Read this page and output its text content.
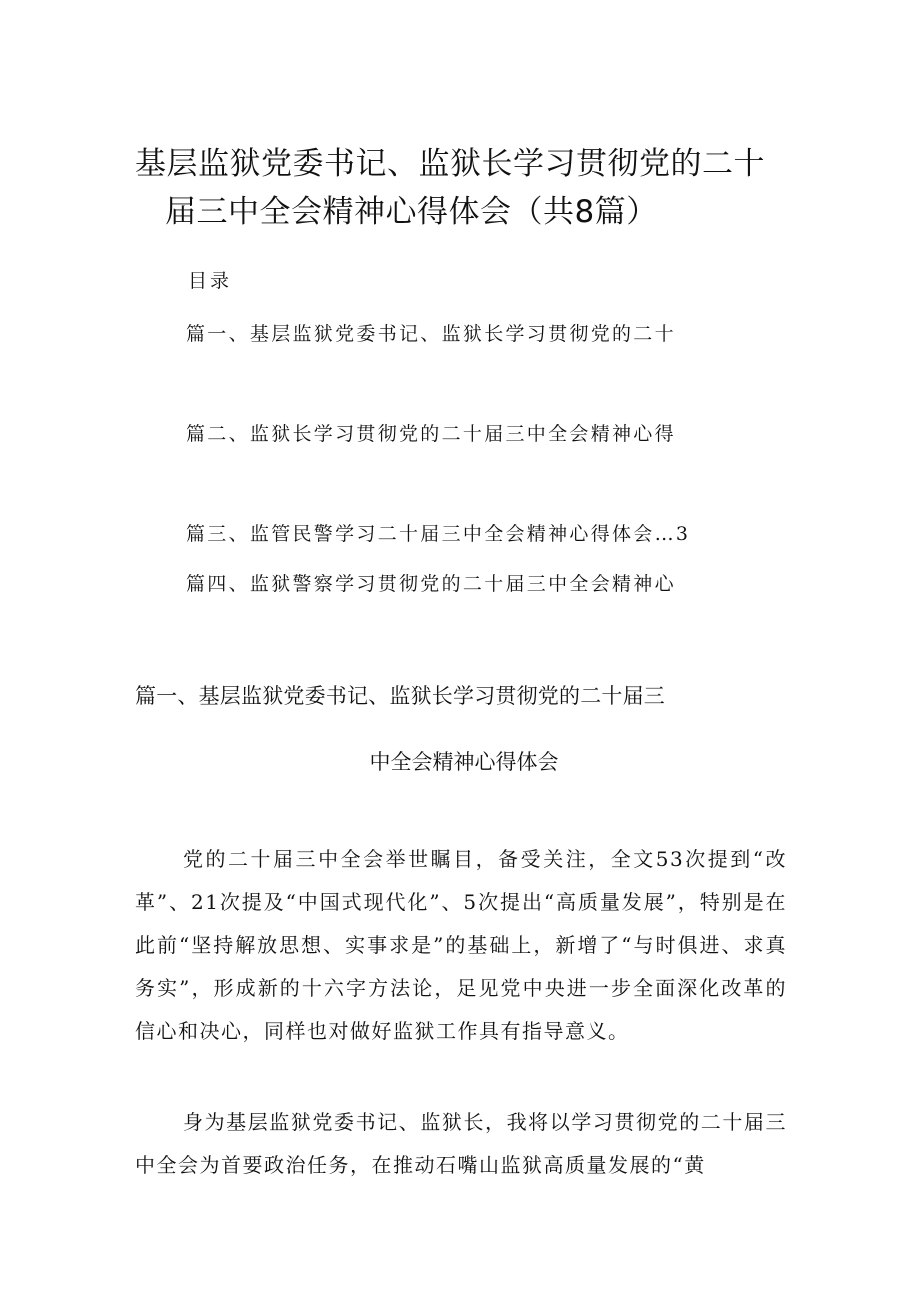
基层监狱党委书记、监狱长学习贯彻党的二十
届三中全会精神心得体会（共8篇）
目录
篇一、基层监狱党委书记、监狱长学习贯彻党的二十
篇二、监狱长学习贯彻党的二十届三中全会精神心得
篇三、监管民警学习二十届三中全会精神心得体会…3
篇四、监狱警察学习贯彻党的二十届三中全会精神心
篇一、基层监狱党委书记、监狱长学习贯彻党的二十届三
中全会精神心得体会

党的二十届三中全会举世瞩目，备受关注，全文53次提到“改革”、21次提及“中国式现代化”、5次提出“高质量发展”，特别是在此前“坚持解放思想、实事求是”的基础上，新增了“与时俱进、求真务实”，形成新的十六字方法论，足见党中央进一步全面深化改革的信心和决心，同样也对做好监狱工作具有指导意义。

身为基层监狱党委书记、监狱长，我将以学习贯彻党的二十届三中全会为首要政治任务，在推动石嘴山监狱高质量发展的“黄
